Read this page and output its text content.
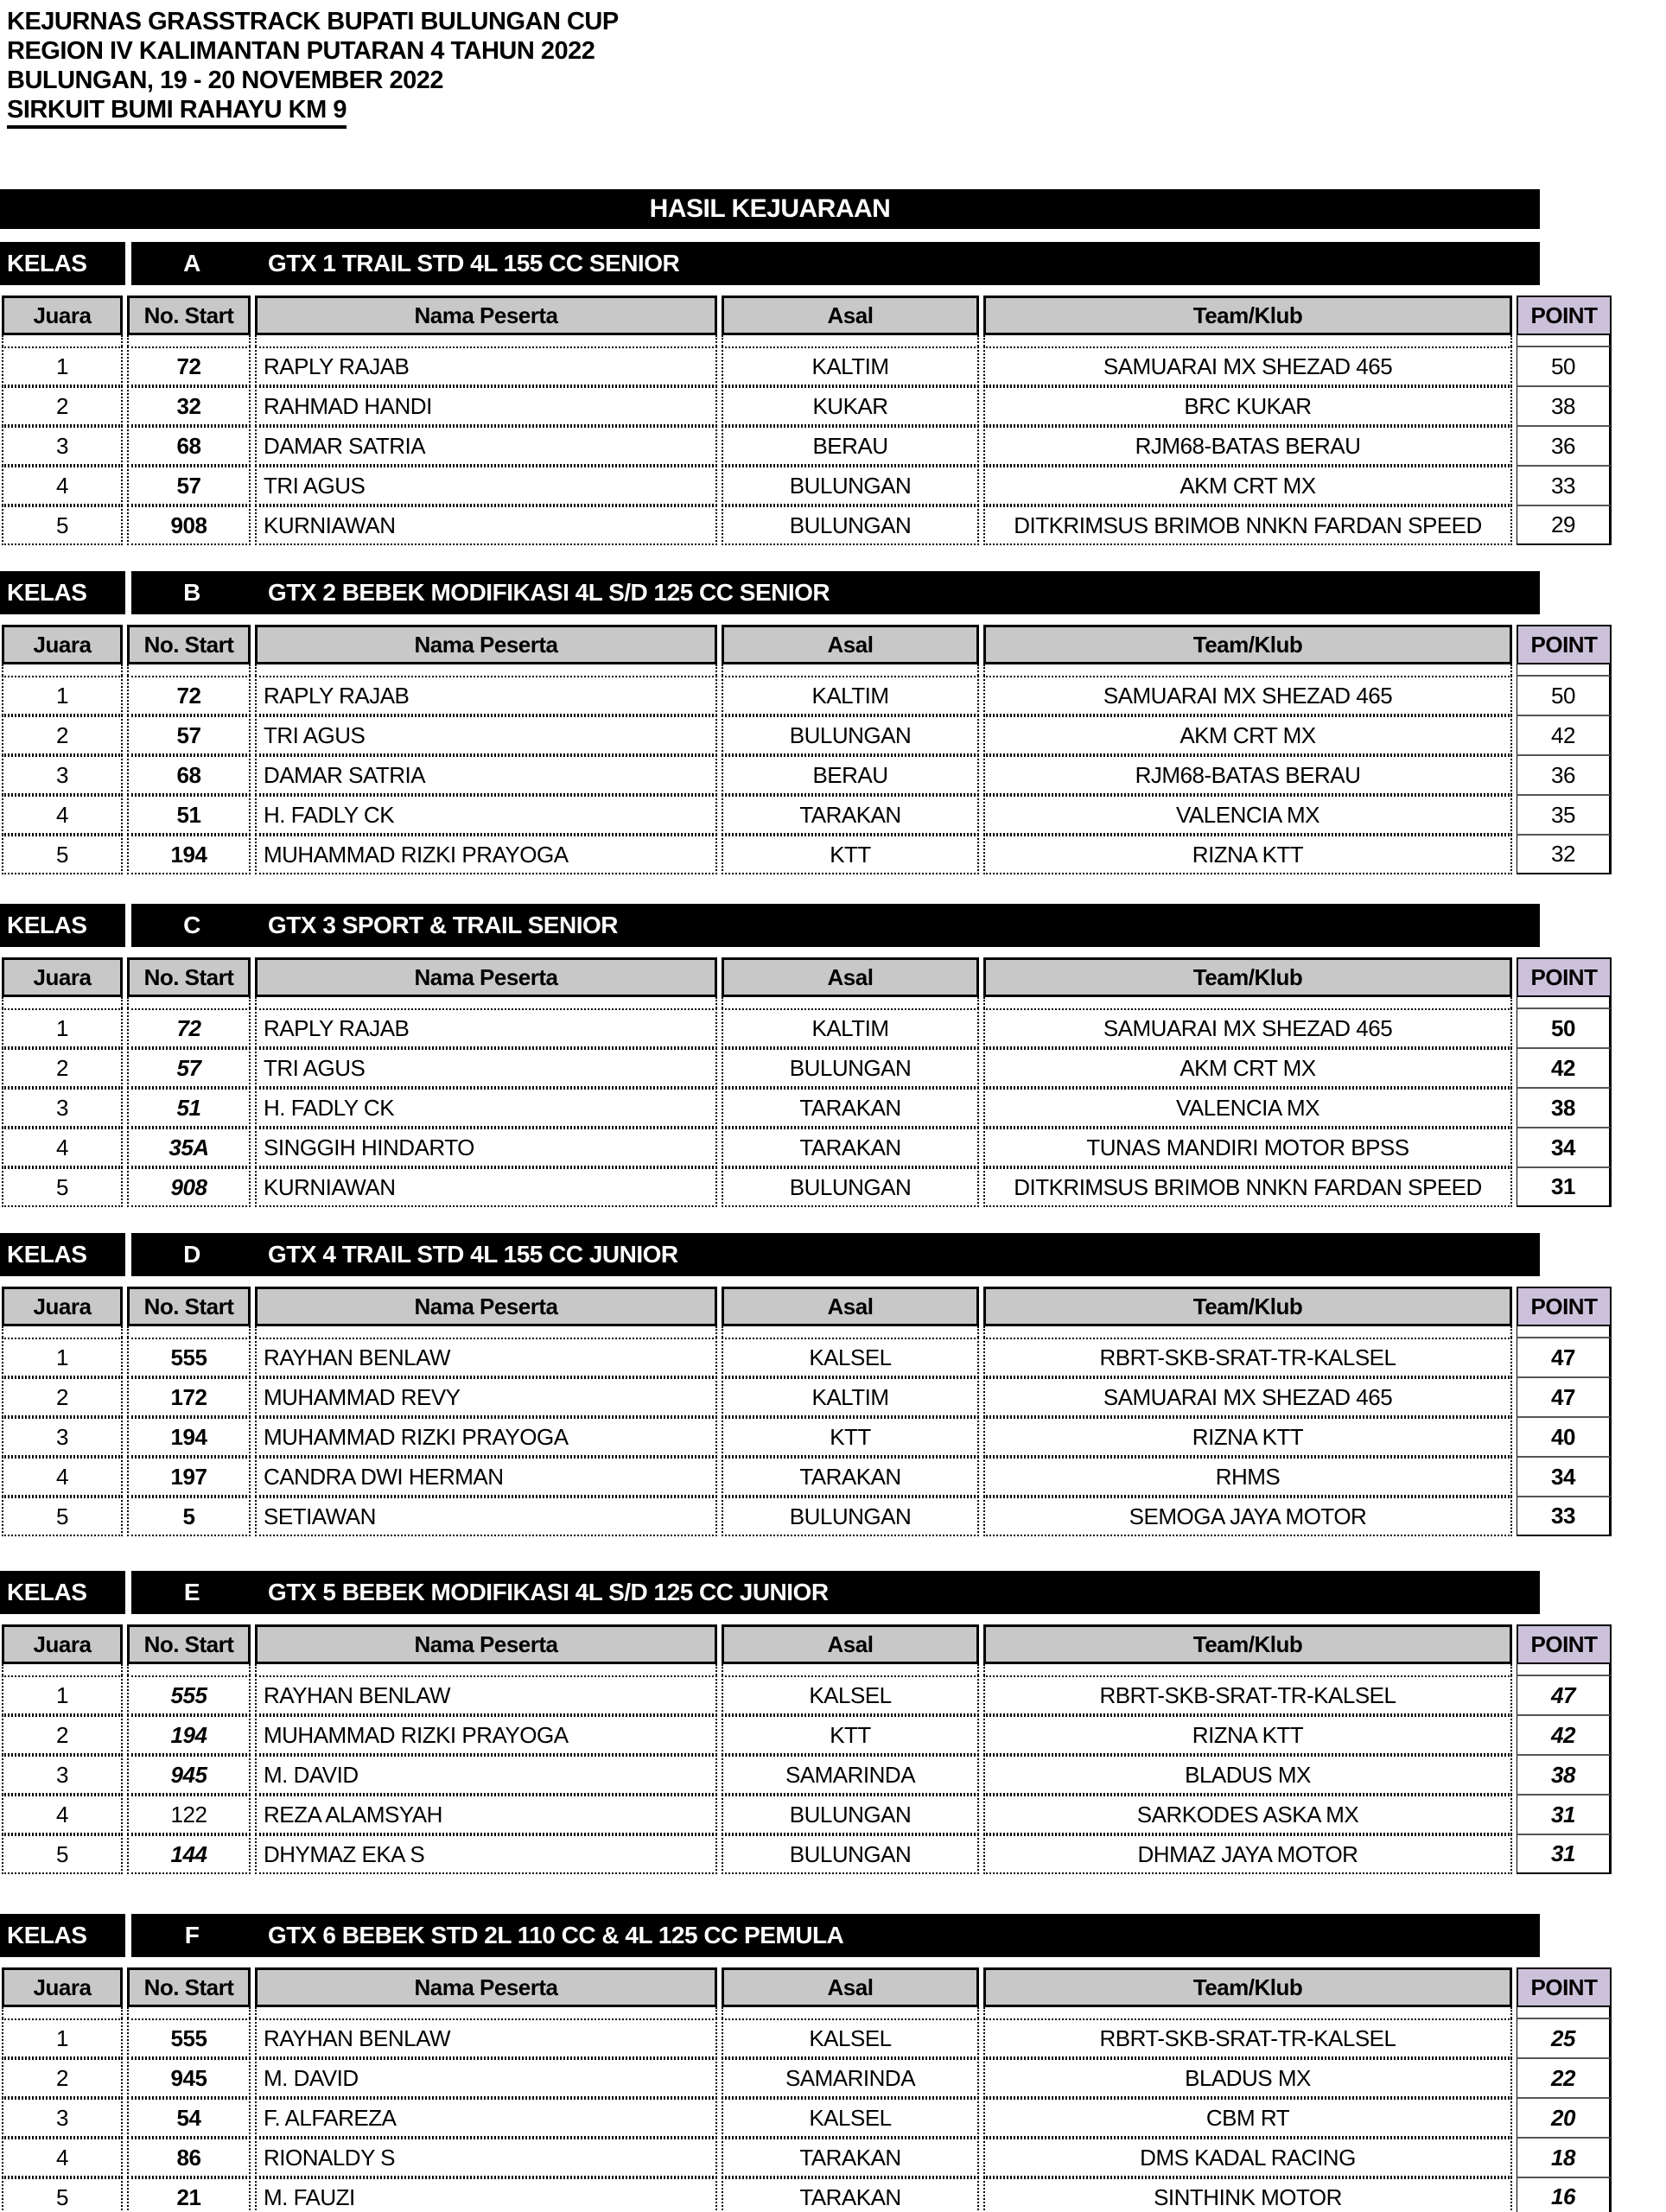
KEJURNAS GRASSTRACK BUPATI BULUNGAN CUP
REGION IV KALIMANTAN PUTARAN 4 TAHUN 2022
BULUNGAN, 19 - 20 NOVEMBER 2022
SIRKUIT BUMI RAHAYU KM 9
HASIL KEJUARAAN
KELAS	A	GTX 1 TRAIL STD 4L 155 CC SENIOR
Juara	No. Start	Nama Peserta	Asal	Team/Klub	POINT

1	72	RAPLY RAJAB	KALTIM	SAMUARAI MX SHEZAD 465	50
2	32	RAHMAD HANDI	KUKAR	BRC KUKAR	38
3	68	DAMAR SATRIA	BERAU	RJM68-BATAS BERAU	36
4	57	TRI AGUS	BULUNGAN	AKM CRT MX	33
5	908	KURNIAWAN	BULUNGAN	DITKRIMSUS BRIMOB NNKN FARDAN SPEED	29
KELAS	B	GTX 2 BEBEK MODIFIKASI 4L S/D 125 CC SENIOR
Juara	No. Start	Nama Peserta	Asal	Team/Klub	POINT

1	72	RAPLY RAJAB	KALTIM	SAMUARAI MX SHEZAD 465	50
2	57	TRI AGUS	BULUNGAN	AKM CRT MX	42
3	68	DAMAR SATRIA	BERAU	RJM68-BATAS BERAU	36
4	51	H. FADLY CK	TARAKAN	VALENCIA MX	35
5	194	MUHAMMAD RIZKI PRAYOGA	KTT	RIZNA KTT	32
KELAS	C	GTX 3 SPORT & TRAIL SENIOR
Juara	No. Start	Nama Peserta	Asal	Team/Klub	POINT

1	72	RAPLY RAJAB	KALTIM	SAMUARAI MX SHEZAD 465	50
2	57	TRI AGUS	BULUNGAN	AKM CRT MX	42
3	51	H. FADLY CK	TARAKAN	VALENCIA MX	38
4	35A	SINGGIH HINDARTO	TARAKAN	TUNAS MANDIRI MOTOR BPSS	34
5	908	KURNIAWAN	BULUNGAN	DITKRIMSUS BRIMOB NNKN FARDAN SPEED	31
KELAS	D	GTX 4 TRAIL STD 4L 155 CC JUNIOR
Juara	No. Start	Nama Peserta	Asal	Team/Klub	POINT

1	555	RAYHAN BENLAW	KALSEL	RBRT-SKB-SRAT-TR-KALSEL	47
2	172	MUHAMMAD REVY	KALTIM	SAMUARAI MX SHEZAD 465	47
3	194	MUHAMMAD RIZKI PRAYOGA	KTT	RIZNA KTT	40
4	197	CANDRA DWI HERMAN	TARAKAN	RHMS	34
5	5	SETIAWAN	BULUNGAN	SEMOGA JAYA MOTOR	33
KELAS	E	GTX 5 BEBEK MODIFIKASI 4L S/D 125 CC JUNIOR
Juara	No. Start	Nama Peserta	Asal	Team/Klub	POINT

1	555	RAYHAN BENLAW	KALSEL	RBRT-SKB-SRAT-TR-KALSEL	47
2	194	MUHAMMAD RIZKI PRAYOGA	KTT	RIZNA KTT	42
3	945	M. DAVID	SAMARINDA	BLADUS MX	38
4	122	REZA ALAMSYAH	BULUNGAN	SARKODES ASKA MX	31
5	144	DHYMAZ EKA S	BULUNGAN	DHMAZ JAYA MOTOR	31
KELAS	F	GTX 6 BEBEK STD 2L 110 CC & 4L 125 CC PEMULA
Juara	No. Start	Nama Peserta	Asal	Team/Klub	POINT

1	555	RAYHAN BENLAW	KALSEL	RBRT-SKB-SRAT-TR-KALSEL	25
2	945	M. DAVID	SAMARINDA	BLADUS MX	22
3	54	F. ALFAREZA	KALSEL	CBM RT	20
4	86	RIONALDY S	TARAKAN	DMS KADAL RACING	18
5	21	M. FAUZI	TARAKAN	SINTHINK MOTOR	16
